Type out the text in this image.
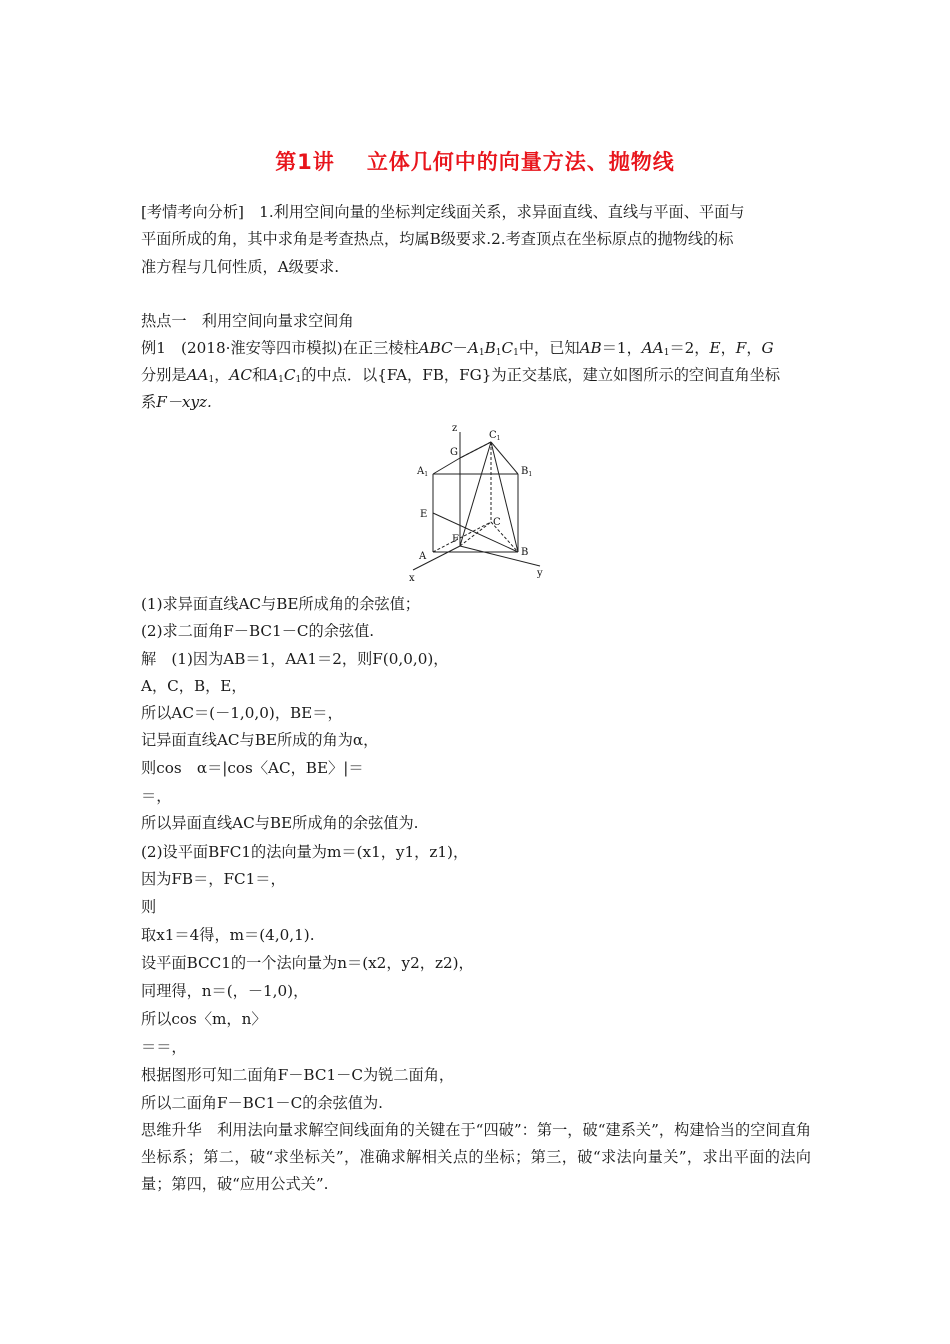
第1讲 立体几何中的向量方法、抛物线
[考情考向分析]　 1.利用空间向量的坐标判定线面关系，求异面直线、直线与平面、平面与
平面所成的角，其中求角是考查热点，均属B级要求.2.考查顶点在坐标原点的抛物线的标
准方程与几何性质，A级要求.
热点一　利用空间向量求空间角
例1　 (2018·淮安等四市模拟)在正三棱柱$ABC-A_1B_1C_1$中，已知AB＝1，$AA_1=2$，E，F，G
分别是$AA_1$，AC和$A_1C_1$的中点．以{FA，FB，FG}为正交基底，建立如图所示的空间直角坐标
系F－xyz.
z
G
$C_1$
$A_1$	$B_1$
E
C
F
A	B
x	y
(1)求异面直线AC与BE所成角的余弦值；
(2)求二面角F－BC1－C的余弦值.
解　(1)因为AB＝1，AA1＝2，则F(0,0,0)，
A，C，B，E，
所以AC＝(－1,0,0)，BE＝，
记异面直线AC与BE所成的角为α，
则cos　α＝|cos〈AC，BE〉|＝
＝，
所以异面直线AC与BE所成角的余弦值为.
(2)设平面BFC1的法向量为m＝(x1，y1，z1)，
因为FB＝，FC1＝，
则
取x1＝4得，m＝(4,0,1).
设平面BCC1的一个法向量为n＝(x2，y2，z2)，
同理得，n＝(，－1,0)，
所以cos〈m，n〉
＝＝，
根据图形可知二面角F－BC1－C为锐二面角，
所以二面角F－BC1－C的余弦值为.
思维升华　 利用法向量求解空间线面角的关键在于“四破”：第一，破“建系关”，构建恰当的空间直角坐标系；第二，破“求坐标关”，准确求解相关点的坐标；第三，破“求法向量关”，求出平面的法向量；第四，破“应用公式关”.
